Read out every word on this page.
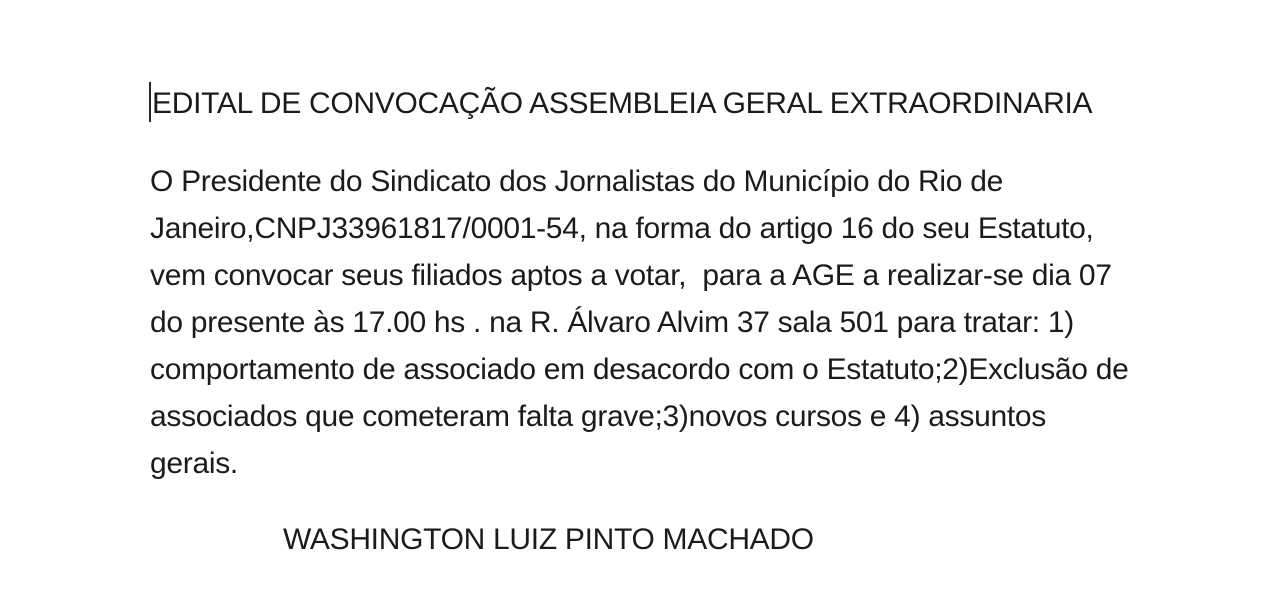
EDITAL DE CONVOCAÇÃO ASSEMBLEIA GERAL EXTRAORDINARIA
O Presidente do Sindicato dos Jornalistas do Município do Rio de
Janeiro,CNPJ33961817/0001-54, na forma do artigo 16 do seu Estatuto,
vem convocar seus filiados aptos a votar,  para a AGE a realizar-se dia 07
do presente às 17.00 hs . na R. Álvaro Alvim 37 sala 501 para tratar: 1)
comportamento de associado em desacordo com o Estatuto;2)Exclusão de
associados que cometeram falta grave;3)novos cursos e 4) assuntos
gerais.
WASHINGTON LUIZ PINTO MACHADO
